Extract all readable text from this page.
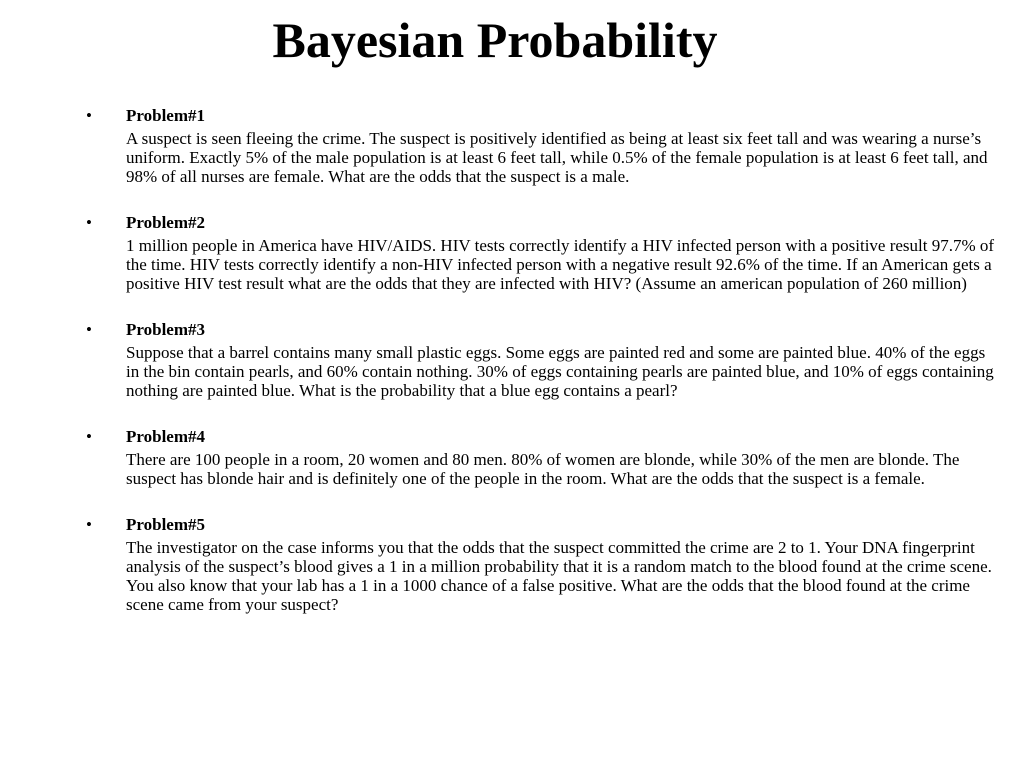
Bayesian Probability
• Problem#1

A suspect is seen fleeing the crime. The suspect is positively identified as being at least six feet tall and was wearing a nurse’s uniform. Exactly 5% of the male population is at least 6 feet tall, while 0.5% of the female population is at least 6 feet tall, and 98% of all nurses are female. What are the odds that the suspect is a male.

• Problem#2

1 million people in America have HIV/AIDS. HIV tests correctly identify a HIV infected person with a positive result 97.7% of the time. HIV tests correctly identify a non-HIV infected person with a negative result 92.6% of the time. If an American gets a positive HIV test result what are the odds that they are infected with HIV? (Assume an american population of 260 million)

• Problem#3

Suppose that a barrel contains many small plastic eggs. Some eggs are painted red and some are painted blue. 40% of the eggs in the bin contain pearls, and 60% contain nothing. 30% of eggs containing pearls are painted blue, and 10% of eggs containing nothing are painted blue. What is the probability that a blue egg contains a pearl?

• Problem#4

There are 100 people in a room, 20 women and 80 men. 80% of women are blonde, while 30% of the men are blonde. The suspect has blonde hair and is definitely one of the people in the room. What are the odds that the suspect is a female.

• Problem#5

The investigator on the case informs you that the odds that the suspect committed the crime are 2 to 1. Your DNA fingerprint analysis of the suspect’s blood gives a 1 in a million probability that it is a random match to the blood found at the crime scene. You also know that your lab has a 1 in a 1000 chance of a false positive. What are the odds that the blood found at the crime scene came from your suspect?
